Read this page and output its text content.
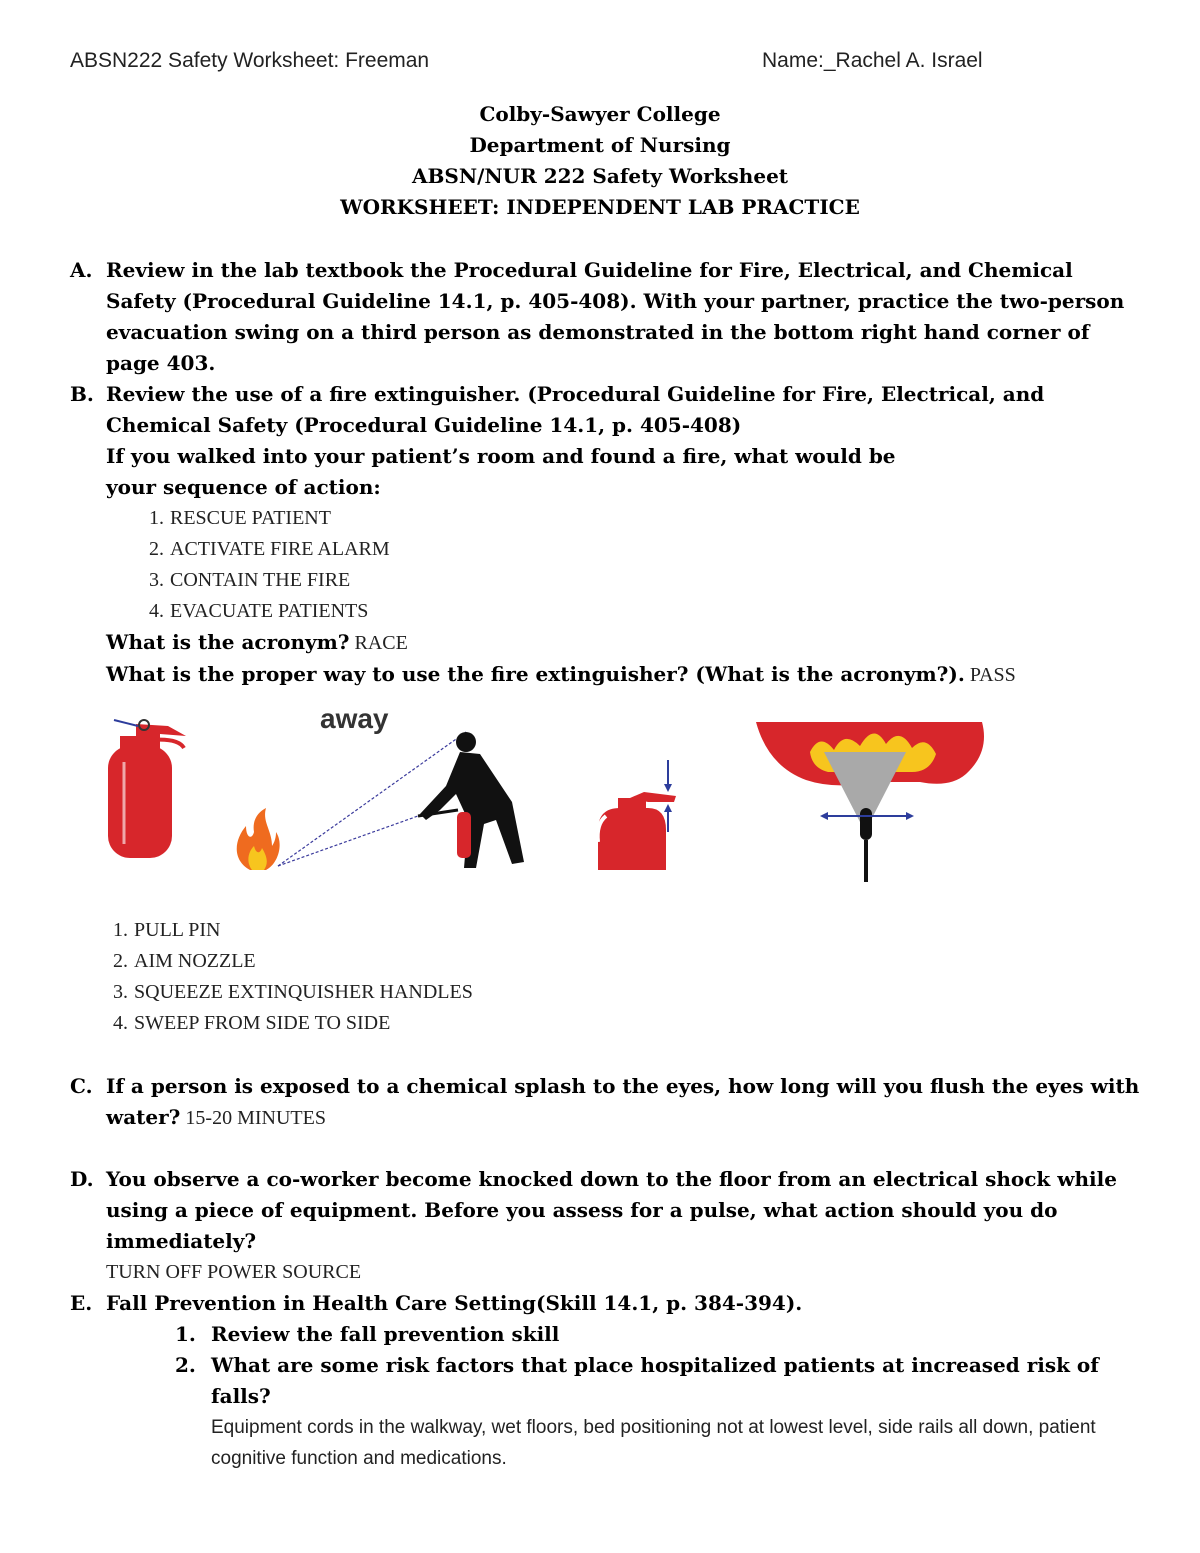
ABSN222 Safety Worksheet: Freeman	Name:_Rachel A. Israel
Colby-Sawyer College
Department of Nursing
ABSN/NUR 222 Safety Worksheet
WORKSHEET: INDEPENDENT LAB PRACTICE
A. Review in the lab textbook the Procedural Guideline for Fire, Electrical, and Chemical Safety (Procedural Guideline 14.1, p. 405-408). With your partner, practice the two-person evacuation swing on a third person as demonstrated in the bottom right hand corner of page 403.
B. Review the use of a fire extinguisher. (Procedural Guideline for Fire, Electrical, and Chemical Safety (Procedural Guideline 14.1, p. 405-408)
If you walked into your patient’s room and found a fire, what would be your sequence of action:
1. RESCUE PATIENT
2. ACTIVATE FIRE ALARM
3. CONTAIN THE FIRE
4. EVACUATE PATIENTS
What is the acronym? RACE
What is the proper way to use the fire extinguisher? (What is the acronym?). PASS
away
1. PULL PIN
2. AIM NOZZLE
3. SQUEEZE EXTINQUISHER HANDLES
4. SWEEP FROM SIDE TO SIDE
C. If a person is exposed to a chemical splash to the eyes, how long will you flush the eyes with water? 15-20 MINUTES
D. You observe a co-worker become knocked down to the floor from an electrical shock while using a piece of equipment. Before you assess for a pulse, what action should you do immediately?
TURN OFF POWER SOURCE
E. Fall Prevention in Health Care Setting(Skill 14.1, p. 384-394).
1. Review the fall prevention skill
2. What are some risk factors that place hospitalized patients at increased risk of falls?
Equipment cords in the walkway, wet floors, bed positioning not at lowest level, side rails all down, patient cognitive function and medications.
